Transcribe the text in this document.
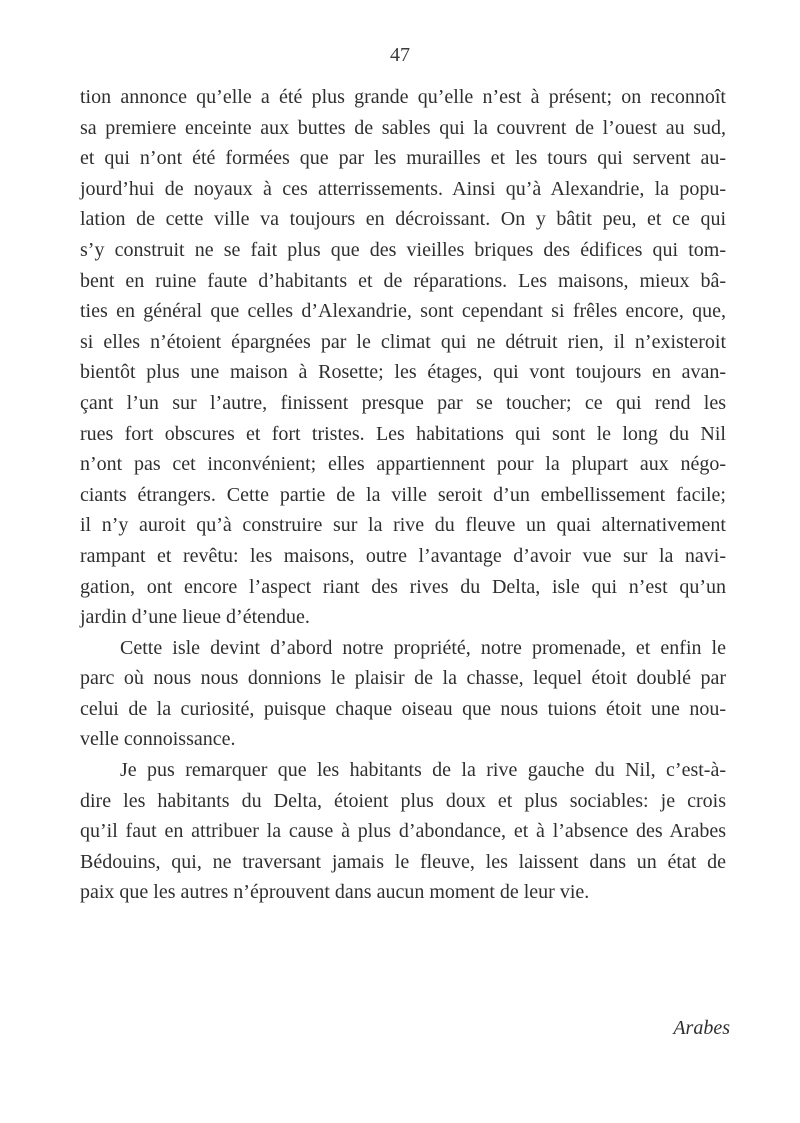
47
tion annonce qu’elle a été plus grande qu’elle n’est à présent; on reconnoît
sa premiere enceinte aux buttes de sables qui la couvrent de l’ouest au sud,
et qui n’ont été formées que par les murailles et les tours qui servent au-
jourd’hui de noyaux à ces atterrissements. Ainsi qu’à Alexandrie, la popu-
lation de cette ville va toujours en décroissant. On y bâtit peu, et ce qui
s’y construit ne se fait plus que des vieilles briques des édifices qui tom-
bent en ruine faute d’habitants et de réparations. Les maisons, mieux bâ-
ties en général que celles d’Alexandrie, sont cependant si frêles encore, que,
si elles n’étoient épargnées par le climat qui ne détruit rien, il n’existeroit
bientôt plus une maison à Rosette; les étages, qui vont toujours en avan-
çant l’un sur l’autre, finissent presque par se toucher; ce qui rend les
rues fort obscures et fort tristes. Les habitations qui sont le long du Nil
n’ont pas cet inconvénient; elles appartiennent pour la plupart aux négo-
ciants étrangers. Cette partie de la ville seroit d’un embellissement facile;
il n’y auroit qu’à construire sur la rive du fleuve un quai alternativement
rampant et revêtu: les maisons, outre l’avantage d’avoir vue sur la navi-
gation, ont encore l’aspect riant des rives du Delta, isle qui n’est qu’un
jardin d’une lieue d’étendue.
Cette isle devint d’abord notre propriété, notre promenade, et enfin le
parc où nous nous donnions le plaisir de la chasse, lequel étoit doublé par
celui de la curiosité, puisque chaque oiseau que nous tuions étoit une nou-
velle connoissance.
Je pus remarquer que les habitants de la rive gauche du Nil, c’est-à-
dire les habitants du Delta, étoient plus doux et plus sociables: je crois
qu’il faut en attribuer la cause à plus d’abondance, et à l’absence des Arabes
Bédouins, qui, ne traversant jamais le fleuve, les laissent dans un état de
paix que les autres n’éprouvent dans aucun moment de leur vie.
Arabes
